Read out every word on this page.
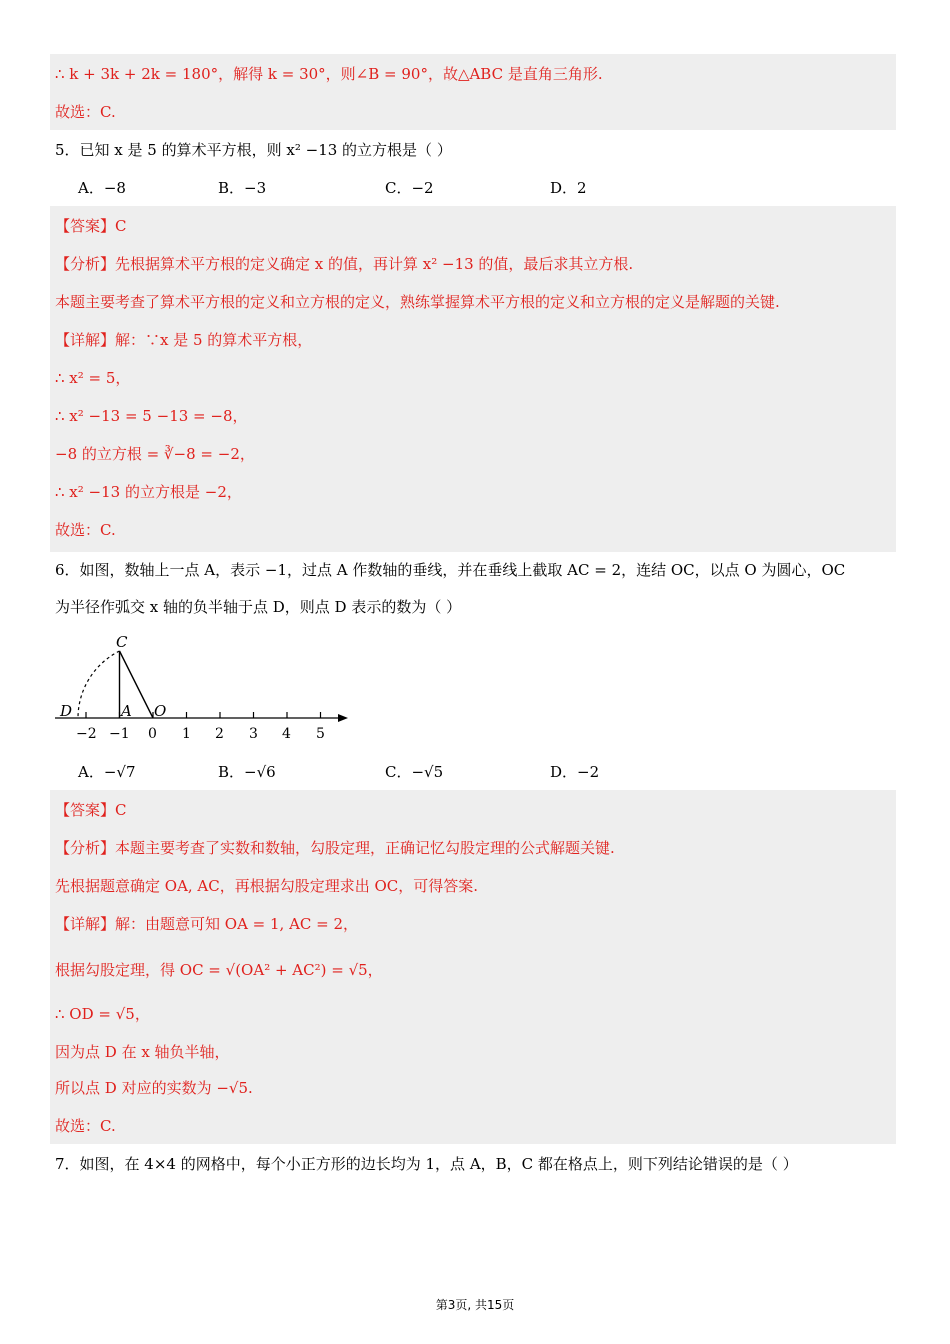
∴ k + 3k + 2k = 180°，解得 k = 30°，则∠B = 90°，故△ABC 是直角三角形.
故选：C.
5．已知 x 是 5 的算术平方根，则 x² −13 的立方根是（ ）
A．−8	B．−3	C．−2	D．2
【答案】C
【分析】先根据算术平方根的定义确定 x 的值，再计算 x² −13 的值，最后求其立方根.
本题主要考查了算术平方根的定义和立方根的定义，熟练掌握算术平方根的定义和立方根的定义是解题的关键.
【详解】解：∵x 是 5 的算术平方根，
∴ x² = 5，
∴ x² −13 = 5 −13 = −8，
−8 的立方根 = ∛−8 = −2，
∴ x² −13 的立方根是 −2，
故选：C.
6．如图，数轴上一点 A，表示 −1，过点 A 作数轴的垂线，并在垂线上截取 AC = 2，连结 OC，以点 O 为圆心，OC
为半径作弧交 x 轴的负半轴于点 D，则点 D 表示的数为（ ）
C
D	A O
−2 −1 0 1 2 3 4 5
A．−√7	B．−√6	C．−√5	D．−2
【答案】C
【分析】本题主要考查了实数和数轴，勾股定理，正确记忆勾股定理的公式解题关键.
先根据题意确定 OA, AC，再根据勾股定理求出 OC，可得答案.
【详解】解：由题意可知 OA = 1, AC = 2，
根据勾股定理，得 OC = √(OA² + AC²) = √5，
∴ OD = √5，
因为点 D 在 x 轴负半轴，
所以点 D 对应的实数为 −√5.
故选：C.
7．如图，在 4×4 的网格中，每个小正方形的边长均为 1，点 A，B，C 都在格点上，则下列结论错误的是（ ）
第3页, 共15页
